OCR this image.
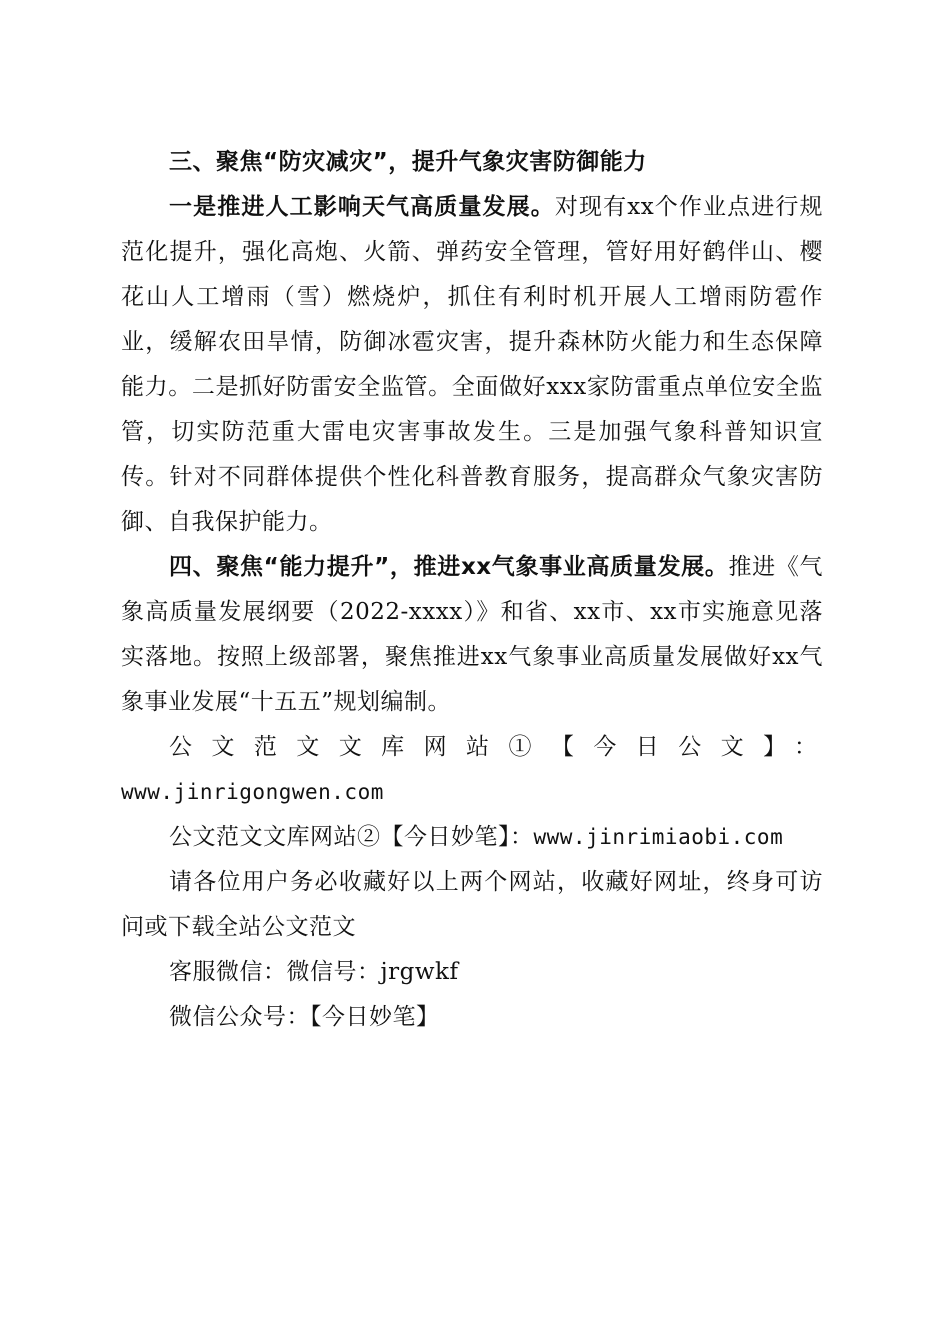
三、聚焦“防灾减灾”，提升气象灾害防御能力

一是推进人工影响天气高质量发展。对现有xx个作业点进行规范化提升，强化高炮、火箭、弹药安全管理，管好用好鹤伴山、樱花山人工增雨（雪）燃烧炉，抓住有利时机开展人工增雨防雹作业，缓解农田旱情，防御冰雹灾害，提升森林防火能力和生态保障能力。二是抓好防雷安全监管。全面做好xxx家防雷重点单位安全监管，切实防范重大雷电灾害事故发生。三是加强气象科普知识宣传。针对不同群体提供个性化科普教育服务，提高群众气象灾害防御、自我保护能力。

四、聚焦“能力提升”，推进xx气象事业高质量发展。推进《气象高质量发展纲要（2022-xxxx）》和省、xx市、xx市实施意见落实落地。按照上级部署，聚焦推进xx气象事业高质量发展做好xx气象事业发展“十五五”规划编制。

公文范文文库网站①【今日公文】：

www.jinrigongwen.com

公文范文文库网站②【今日妙笔】：www.jinrimiaobi.com

请各位用户务必收藏好以上两个网站，收藏好网址，终身可访问或下载全站公文范文

客服微信：微信号：jrgwkf

微信公众号：【今日妙笔】
